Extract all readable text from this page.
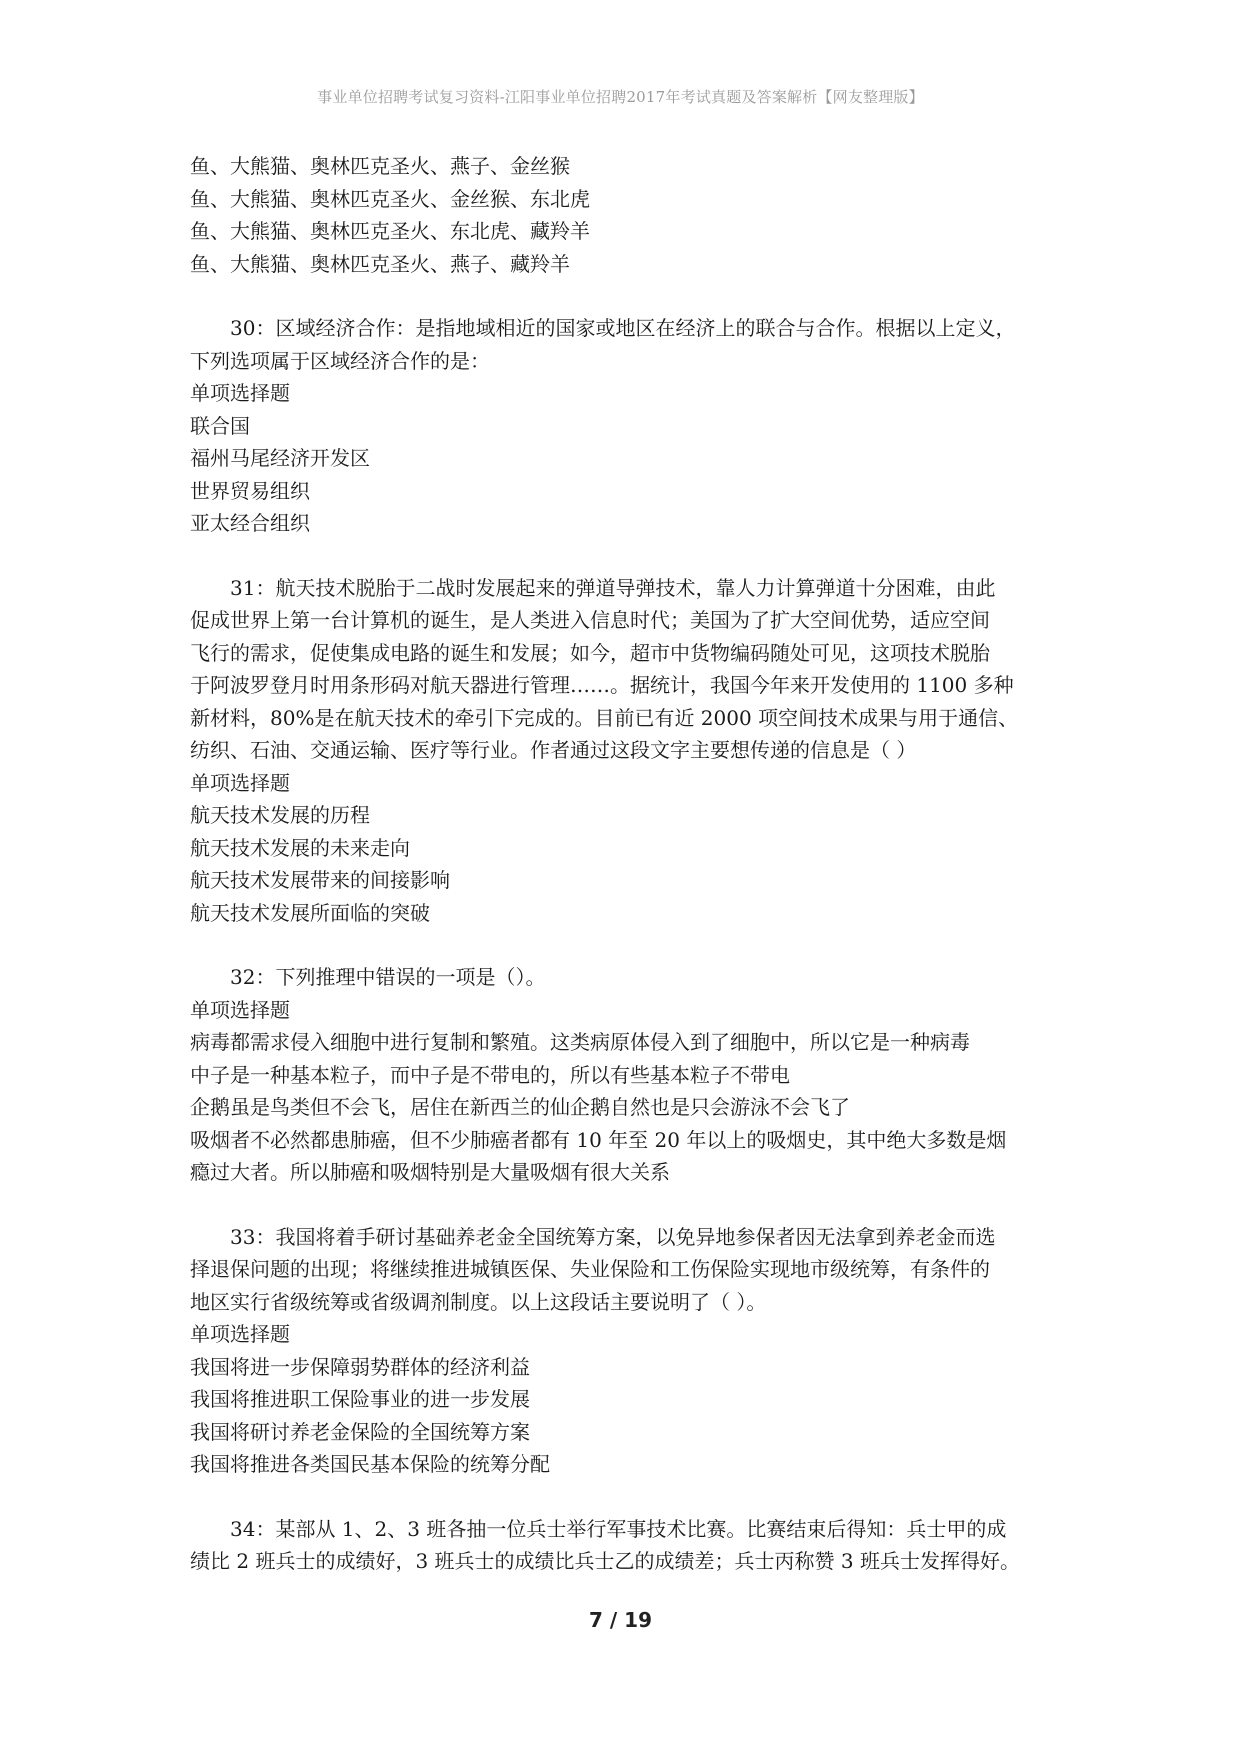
事业单位招聘考试复习资料-江阳事业单位招聘2017年考试真题及答案解析【网友整理版】
鱼、大熊猫、奥林匹克圣火、燕子、金丝猴
鱼、大熊猫、奥林匹克圣火、金丝猴、东北虎
鱼、大熊猫、奥林匹克圣火、东北虎、藏羚羊
鱼、大熊猫、奥林匹克圣火、燕子、藏羚羊
30：区域经济合作：是指地域相近的国家或地区在经济上的联合与合作。根据以上定义，
下列选项属于区域经济合作的是：
单项选择题
联合国
福州马尾经济开发区
世界贸易组织
亚太经合组织
31：航天技术脱胎于二战时发展起来的弹道导弹技术，靠人力计算弹道十分困难，由此
促成世界上第一台计算机的诞生，是人类进入信息时代；美国为了扩大空间优势，适应空间
飞行的需求，促使集成电路的诞生和发展；如今，超市中货物编码随处可见，这项技术脱胎
于阿波罗登月时用条形码对航天器进行管理……。据统计，我国今年来开发使用的 1100 多种
新材料，80%是在航天技术的牵引下完成的。目前已有近 2000 项空间技术成果与用于通信、
纺织、石油、交通运输、医疗等行业。作者通过这段文字主要想传递的信息是（ ）
单项选择题
航天技术发展的历程
航天技术发展的未来走向
航天技术发展带来的间接影响
航天技术发展所面临的突破
32：下列推理中错误的一项是（）。
单项选择题
病毒都需求侵入细胞中进行复制和繁殖。这类病原体侵入到了细胞中，所以它是一种病毒
中子是一种基本粒子，而中子是不带电的，所以有些基本粒子不带电
企鹅虽是鸟类但不会飞，居住在新西兰的仙企鹅自然也是只会游泳不会飞了
吸烟者不必然都患肺癌，但不少肺癌者都有 10 年至 20 年以上的吸烟史，其中绝大多数是烟
瘾过大者。所以肺癌和吸烟特别是大量吸烟有很大关系
33：我国将着手研讨基础养老金全国统筹方案，以免异地参保者因无法拿到养老金而选
择退保问题的出现；将继续推进城镇医保、失业保险和工伤保险实现地市级统筹，有条件的
地区实行省级统筹或省级调剂制度。以上这段话主要说明了（ ）。
单项选择题
我国将进一步保障弱势群体的经济利益
我国将推进职工保险事业的进一步发展
我国将研讨养老金保险的全国统筹方案
我国将推进各类国民基本保险的统筹分配
34：某部从 1、2、3 班各抽一位兵士举行军事技术比赛。比赛结束后得知：兵士甲的成
绩比 2 班兵士的成绩好，3 班兵士的成绩比兵士乙的成绩差；兵士丙称赞 3 班兵士发挥得好。
7 / 19
